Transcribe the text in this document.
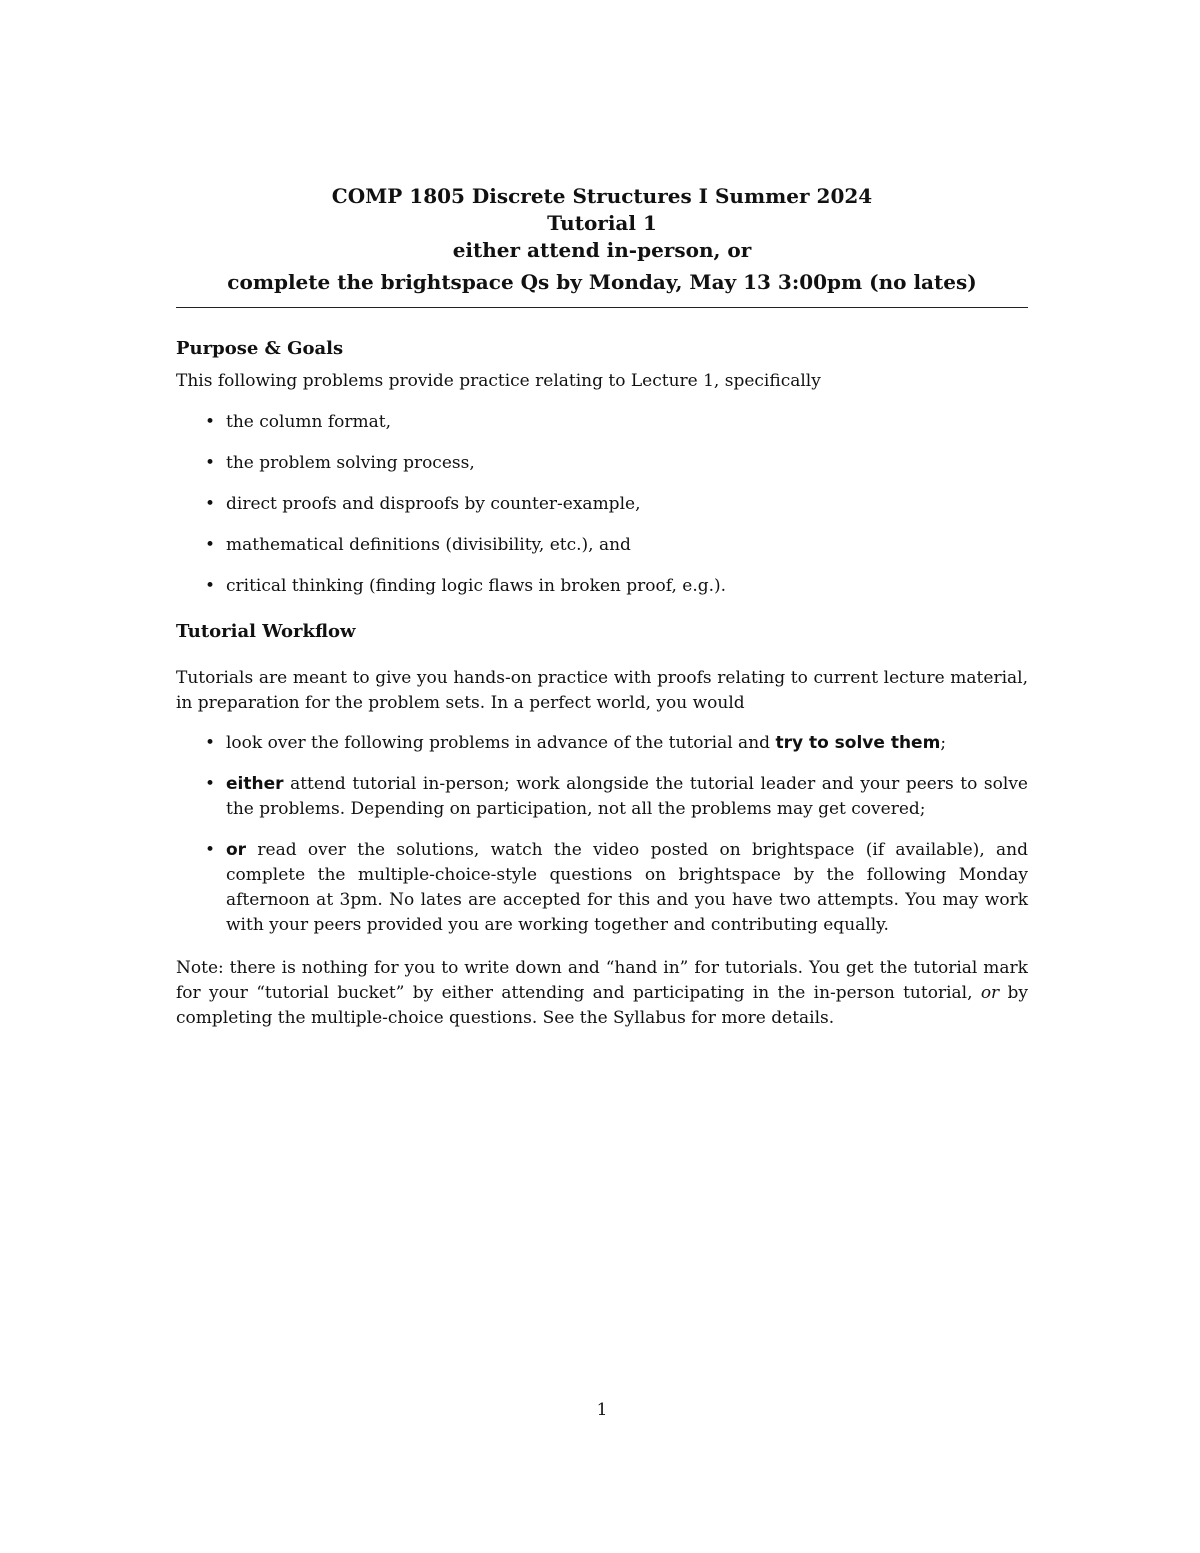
COMP 1805 Discrete Structures I Summer 2024
Tutorial 1
either attend in-person, or
complete the brightspace Qs by Monday, May 13 3:00pm (no lates)
Purpose & Goals

This following problems provide practice relating to Lecture 1, specifically

• the column format,
• the problem solving process,
• direct proofs and disproofs by counter-example,
• mathematical definitions (divisibility, etc.), and
• critical thinking (finding logic flaws in broken proof, e.g.).
Tutorial Workflow

Tutorials are meant to give you hands-on practice with proofs relating to current lecture material, in preparation for the problem sets. In a perfect world, you would

• look over the following problems in advance of the tutorial and try to solve them;
• either attend tutorial in-person; work alongside the tutorial leader and your peers to solve the problems. Depending on participation, not all the problems may get covered;
• or read over the solutions, watch the video posted on brightspace (if available), and complete the multiple-choice-style questions on brightspace by the following Monday afternoon at 3pm. No lates are accepted for this and you have two attempts. You may work with your peers provided you are working together and contributing equally.

Note: there is nothing for you to write down and “hand in” for tutorials. You get the tutorial mark for your “tutorial bucket” by either attending and participating in the in-person tutorial, or by completing the multiple-choice questions. See the Syllabus for more details.

1
